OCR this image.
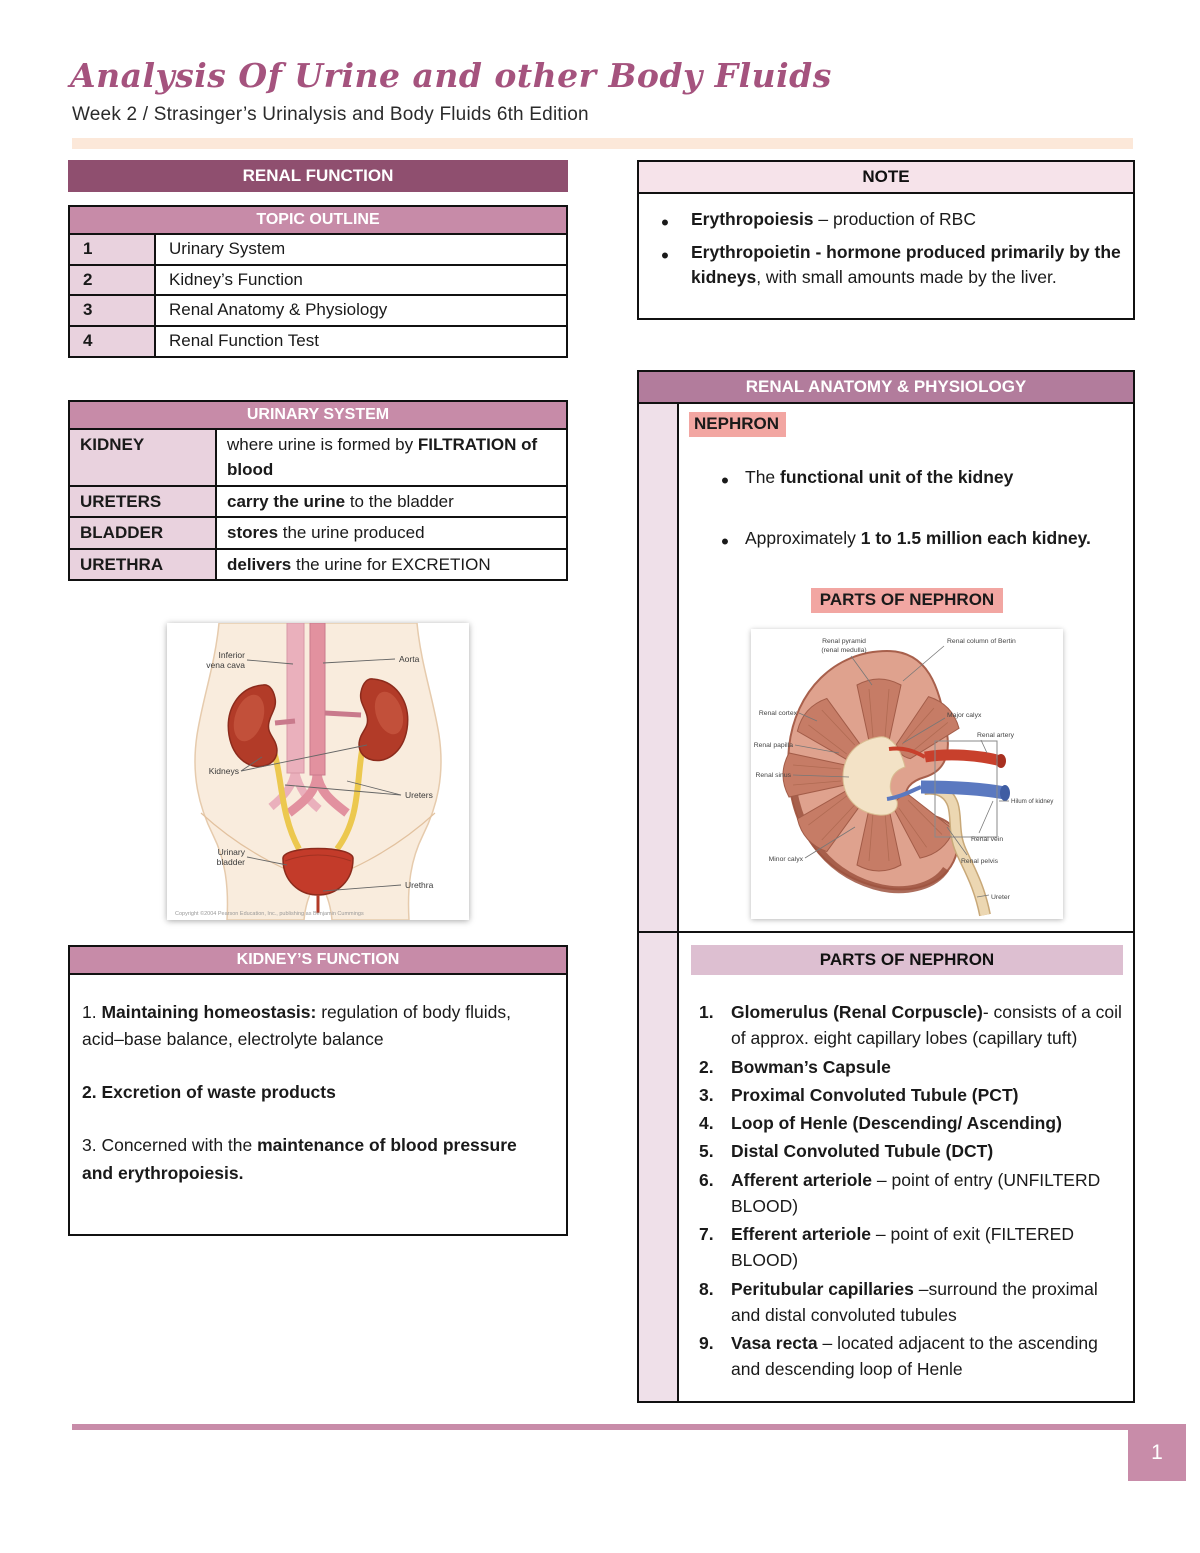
Analysis Of Urine and other Body Fluids
Week 2 / Strasinger’s Urinalysis and Body Fluids 6th Edition
RENAL FUNCTION
TOPIC OUTLINE
1	Urinary System
2	Kidney’s Function
3	Renal Anatomy & Physiology
4	Renal Function Test
URINARY SYSTEM
KIDNEY	where urine is formed by FILTRATION of blood
URETERS	carry the urine to the bladder
BLADDER	stores the urine produced
URETHRA	delivers the urine for EXCRETION
Inferior
vena cava
Aorta
Kidneys
Ureters
Urinary
bladder
Urethra
Copyright ©2004 Pearson Education, Inc., publishing as Benjamin Cummings
KIDNEY’S FUNCTION

1. Maintaining homeostasis: regulation of body fluids, acid–base balance, electrolyte balance

2. Excretion of waste products

3. Concerned with the maintenance of blood pressure and erythropoiesis.

NOTE
•
Erythropoiesis – production of RBC
•
Erythropoietin - hormone produced primarily by the kidneys, with small amounts made by the liver.
RENAL ANATOMY & PHYSIOLOGY
NEPHRON
•
The functional unit of the kidney
•
Approximately 1 to 1.5 million each kidney.
PARTS OF NEPHRON
Renal pyramid
(renal medulla)
Renal column of Bertin
Renal cortex
Renal papilla
Renal sinus
Minor calyx
Major calyx
Renal artery
Hilum of kidney
Renal vein
Renal pelvis
Ureter
PARTS OF NEPHRON
1. Glomerulus (Renal Corpuscle)- consists of a coil of approx. eight capillary lobes (capillary tuft)
2. Bowman’s Capsule
3. Proximal Convoluted Tubule (PCT)
4. Loop of Henle (Descending/ Ascending)
5. Distal Convoluted Tubule (DCT)
6. Afferent arteriole – point of entry (UNFILTERD BLOOD)
7. Efferent arteriole – point of exit (FILTERED BLOOD)
8. Peritubular capillaries –surround the proximal and distal convoluted tubules
9. Vasa recta – located adjacent to the ascending and descending loop of Henle
1
